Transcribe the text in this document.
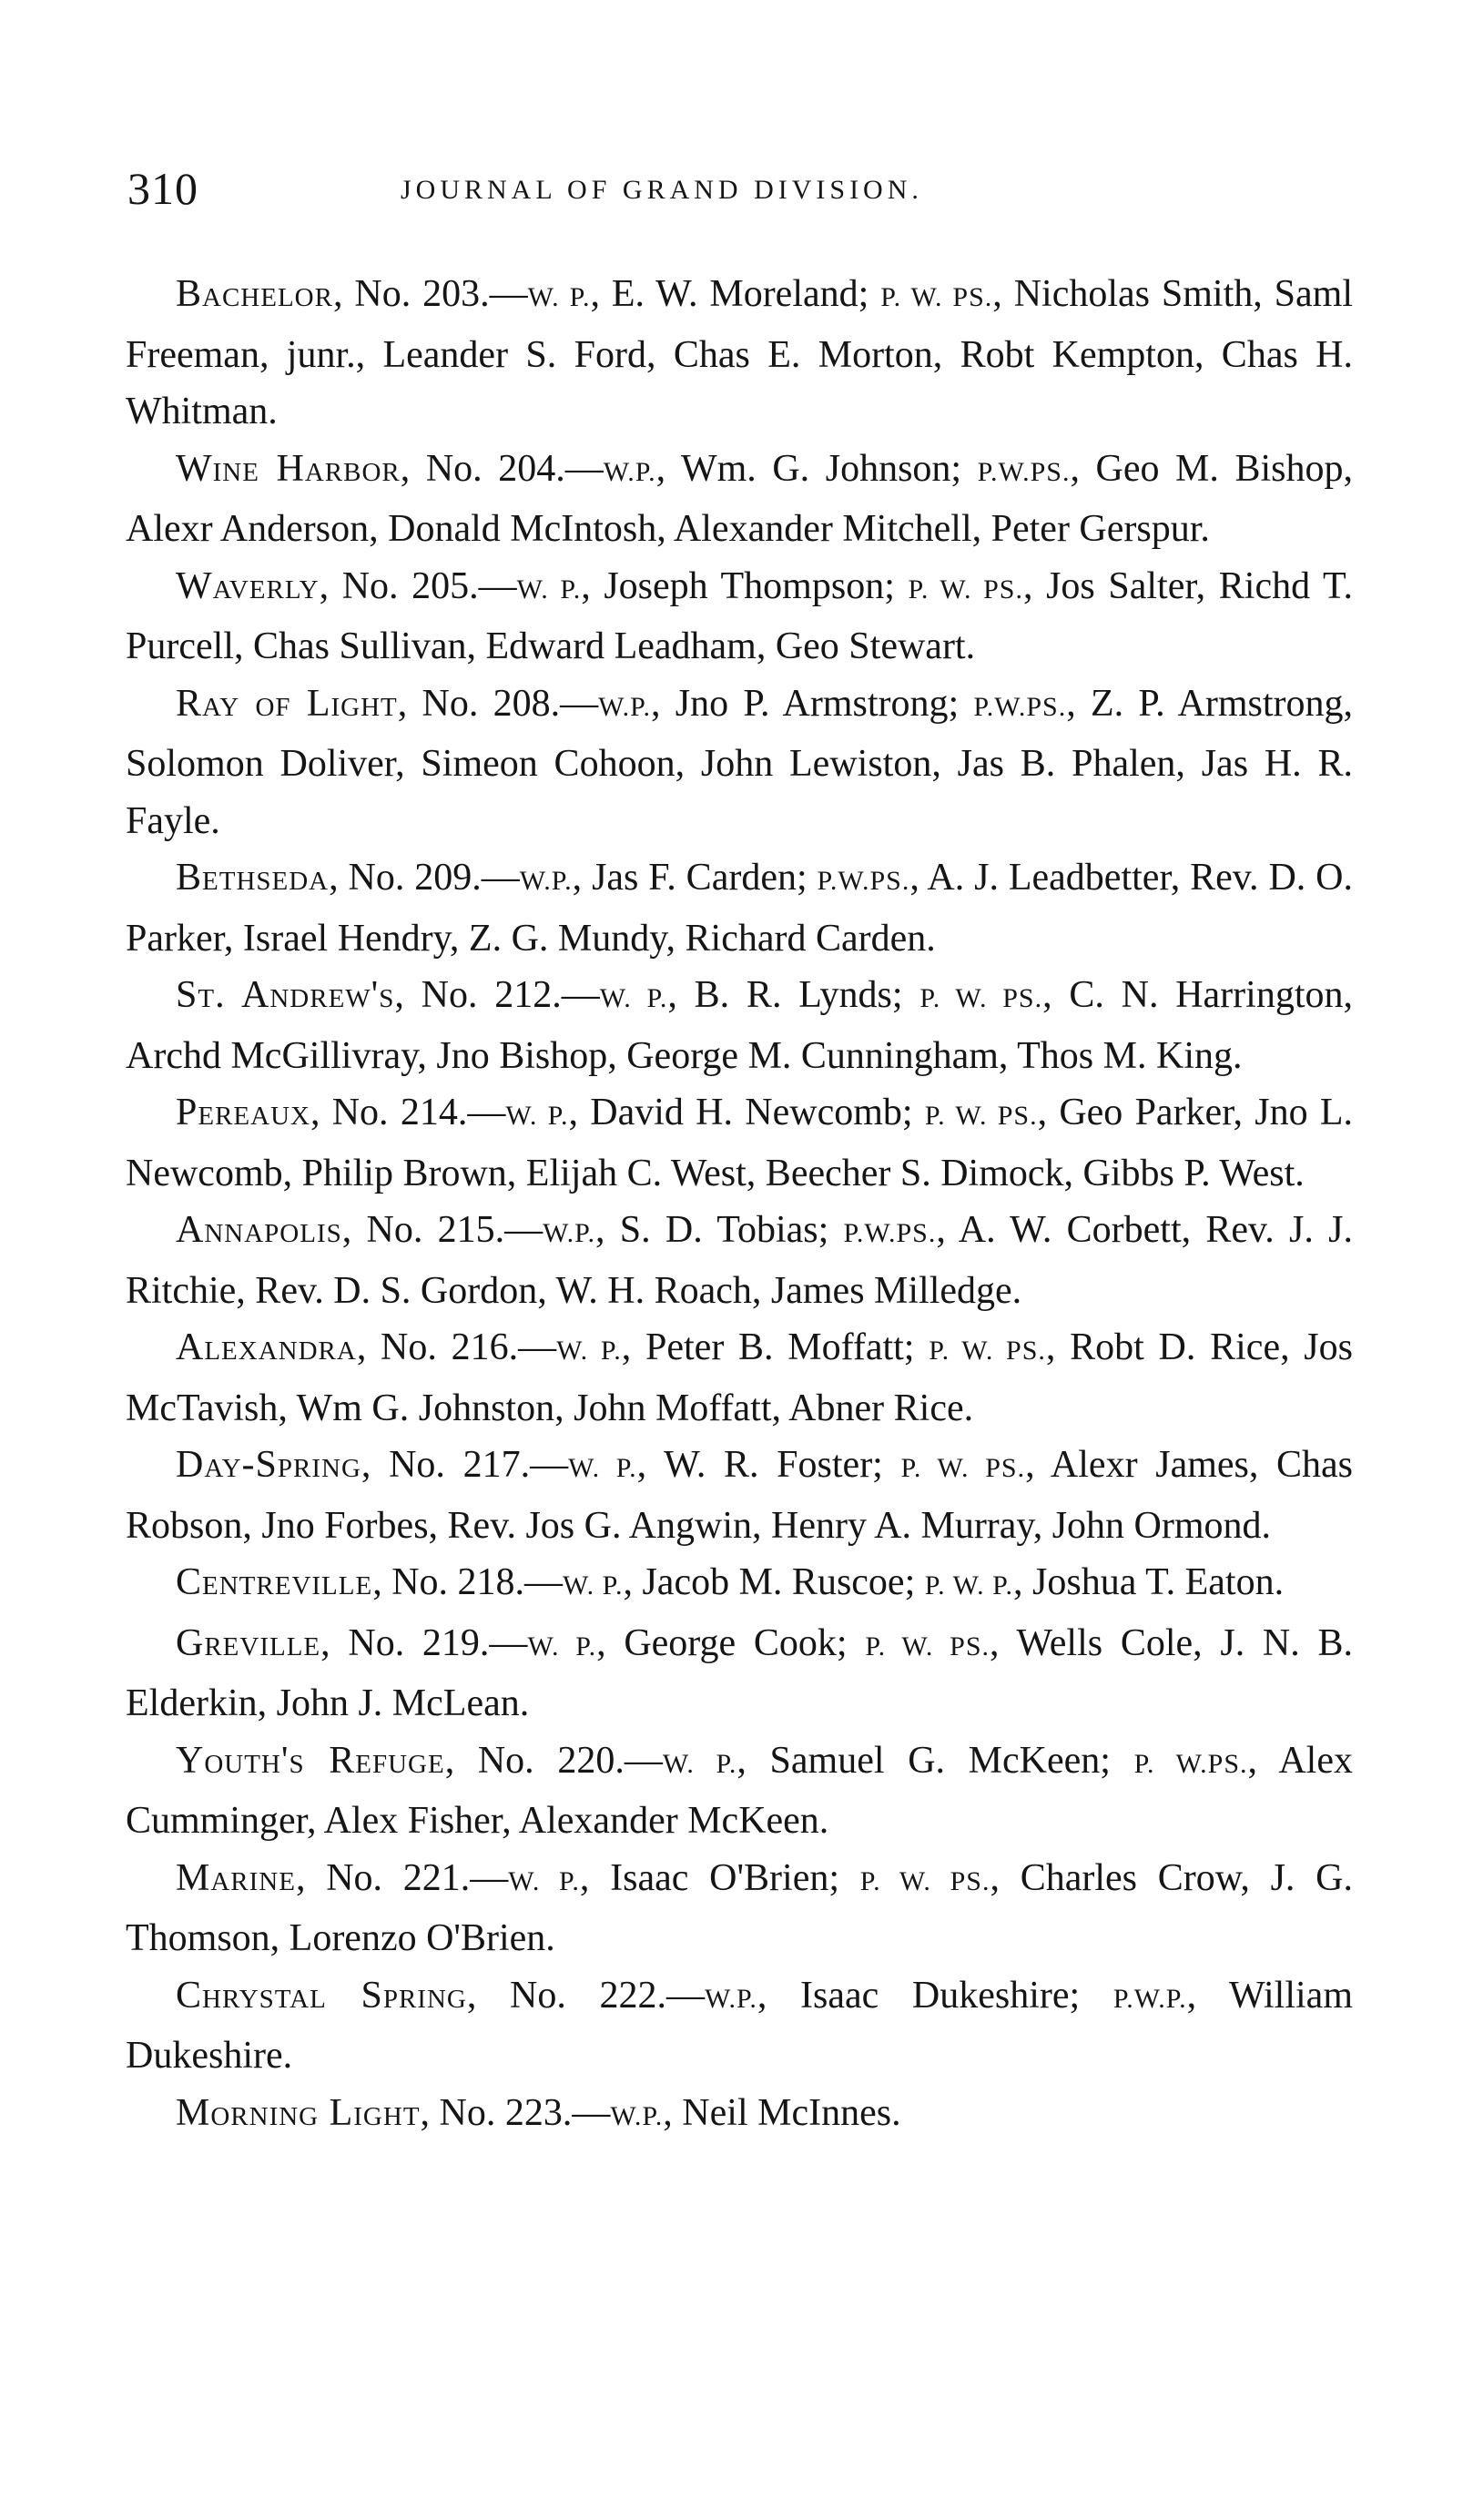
310	JOURNAL OF GRAND DIVISION.

Bachelor, No. 203.—W. P., E. W. Moreland; P. W. PS., Nicholas Smith, Saml Freeman, junr., Leander S. Ford, Chas E. Morton, Robt Kempton, Chas H. Whitman.

Wine Harbor, No. 204.—W.P., Wm. G. Johnson; P.W.PS., Geo M. Bishop, Alexr Anderson, Donald McIntosh, Alexander Mitchell, Peter Gerspur.

Waverly, No. 205.—W. P., Joseph Thompson; P. W. PS., Jos Salter, Richd T. Purcell, Chas Sullivan, Edward Leadham, Geo Stewart.

Ray of Light, No. 208.—W.P., Jno P. Armstrong; P.W.PS., Z. P. Armstrong, Solomon Doliver, Simeon Cohoon, John Lewiston, Jas B. Phalen, Jas H. R. Fayle.

Bethseda, No. 209.—W.P., Jas F. Carden; P.W.PS., A. J. Leadbetter, Rev. D. O. Parker, Israel Hendry, Z. G. Mundy, Richard Carden.

St. Andrew's, No. 212.—W. P., B. R. Lynds; P. W. PS., C. N. Harrington, Archd McGillivray, Jno Bishop, George M. Cunningham, Thos M. King.

Pereaux, No. 214.—W. P., David H. Newcomb; P. W. PS., Geo Parker, Jno L. Newcomb, Philip Brown, Elijah C. West, Beecher S. Dimock, Gibbs P. West.

Annapolis, No. 215.—W.P., S. D. Tobias; P.W.PS., A. W. Corbett, Rev. J. J. Ritchie, Rev. D. S. Gordon, W. H. Roach, James Milledge.

Alexandra, No. 216.—W. P., Peter B. Moffatt; P. W. PS., Robt D. Rice, Jos McTavish, Wm G. Johnston, John Moffatt, Abner Rice.

Day-Spring, No. 217.—W. P., W. R. Foster; P. W. PS., Alexr James, Chas Robson, Jno Forbes, Rev. Jos G. Angwin, Henry A. Murray, John Ormond.

Centreville, No. 218.—W. P., Jacob M. Ruscoe; P. W. P., Joshua T. Eaton.

Greville, No. 219.—W. P., George Cook; P. W. PS., Wells Cole, J. N. B. Elderkin, John J. McLean.

Youth's Refuge, No. 220.—W. P., Samuel G. McKeen; P. W.PS., Alex Cumminger, Alex Fisher, Alexander McKeen.

Marine, No. 221.—W. P., Isaac O'Brien; P. W. PS., Charles Crow, J. G. Thomson, Lorenzo O'Brien.

Chrystal Spring, No. 222.—W.P., Isaac Dukeshire; P.W.P., William Dukeshire.

Morning Light, No. 223.—W.P., Neil McInnes.
